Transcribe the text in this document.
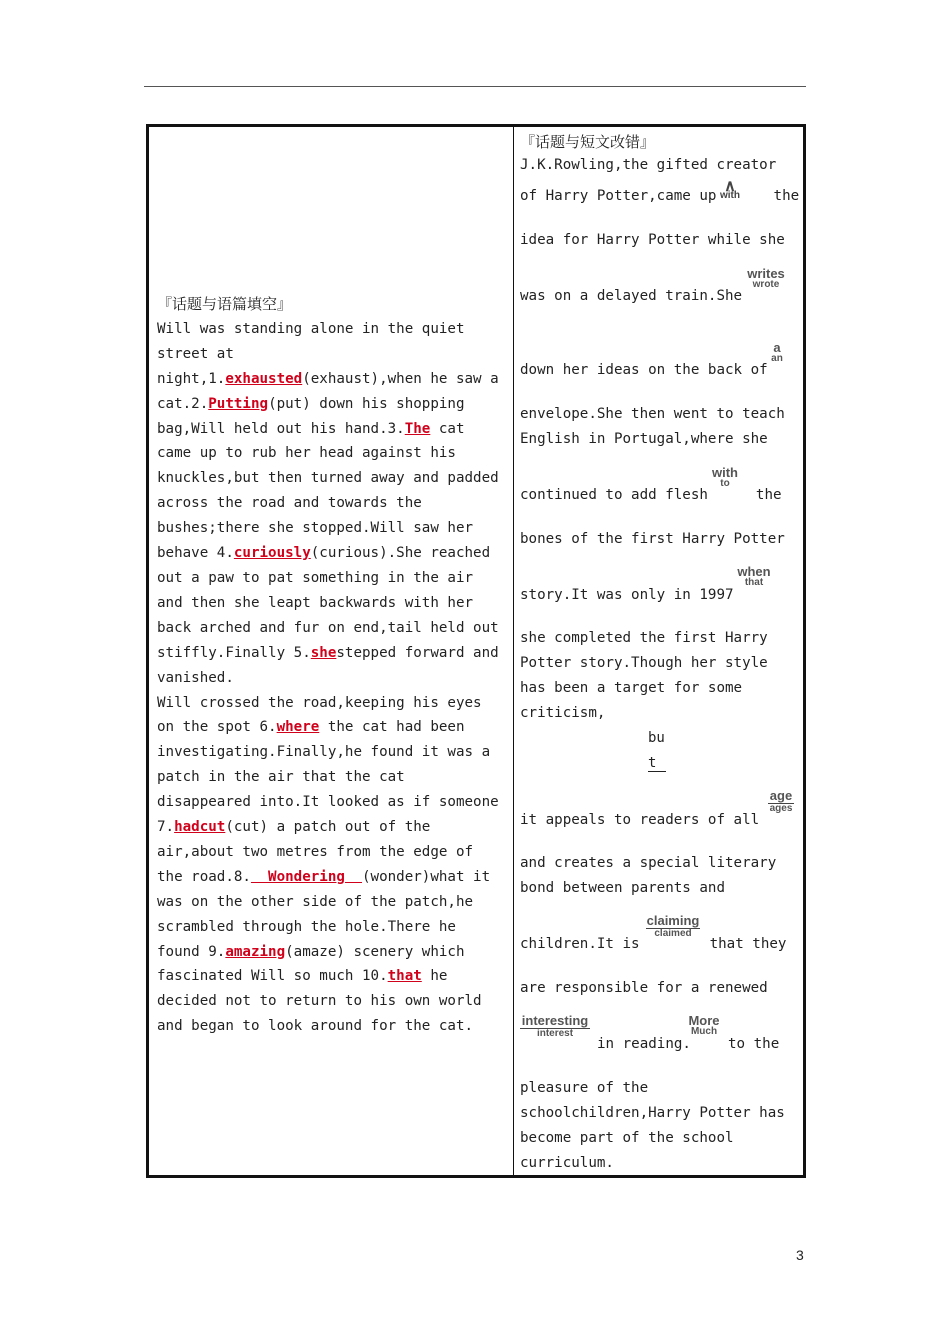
『话题与语篇填空』
Will was standing alone in the quiet street at night,1.exhausted(exhaust),when he saw a cat.2.Putting(put) down his shopping bag,Will held out his hand.3.The cat came up to rub her head against his knuckles,but then turned away and padded across the road and towards the bushes;there she stopped.Will saw her behave 4.curiously(curious).She reached out a paw to pat something in the air and then she leapt backwards with her back arched and fur on end,tail held out stiffly.Finally 5.shestepped forward and vanished.
Will crossed the road,keeping his eyes on the spot 6.where the cat had been investigating.Finally,he found it was a patch in the air that the cat disappeared into.It looked as if someone 7.hadcut(cut) a patch out of the air,about two metres from the edge of the road.8.  Wondering  (wonder)what it was on the other side of the patch,he scrambled through the hole.There he found 9.amazing(amaze) scenery which fascinated Will so much 10.that he decided not to return to his own world and began to look around for the cat.
『话题与短文改错』
J.K.Rowling,the gifted creator
of Harry Potter,came up	the
∧
with
idea for Harry Potter while she
writes
wrote
was on a delayed train.She
a
an
down her ideas on the back of
envelope.She then went to teach
English in Portugal,where she
with
to
continued to add flesh	the
bones of the first Harry Potter
when
that
story.It was only in 1997
she completed the first Harry
Potter story.Though her style
has been a target for some
criticism,
bu
t
age
ages
it appeals to readers of all
and creates a special literary
bond between parents and
claiming
claimed
children.It is	that they
are responsible for a renewed
interesting
interest
More
Much
in reading.	to the
pleasure of the
schoolchildren,Harry Potter has
become part of the school
curriculum.
3
